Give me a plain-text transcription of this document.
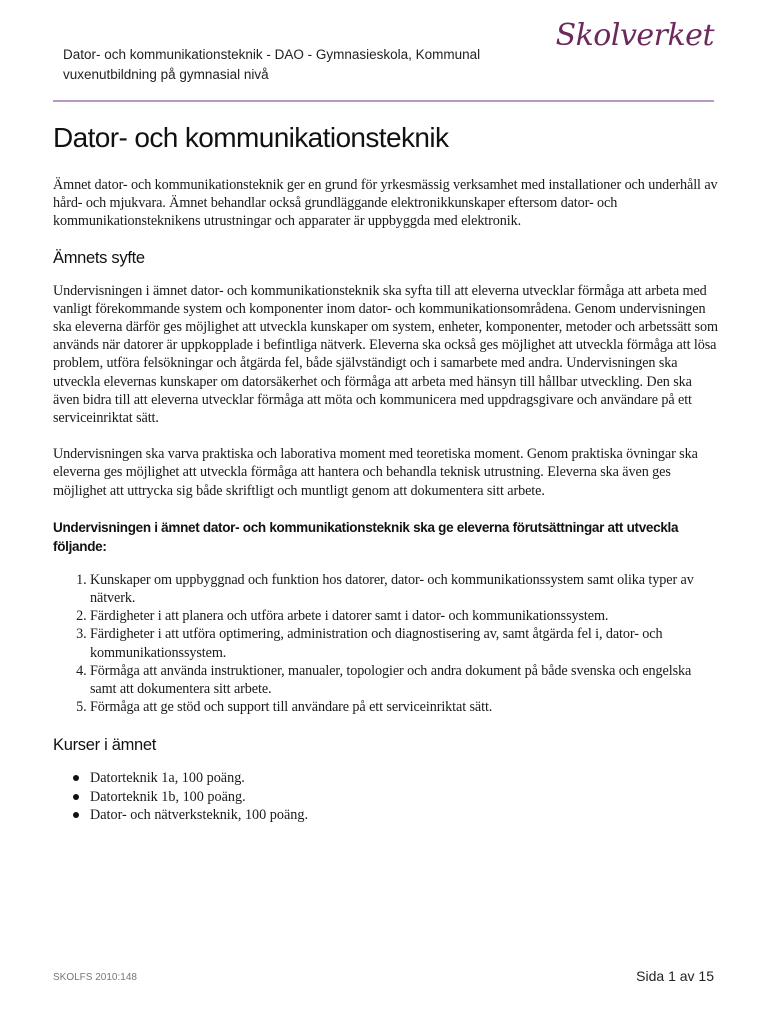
Dator- och kommunikationsteknik - DAO - Gymnasieskola, Kommunal vuxenutbildning på gymnasial nivå
Skolverket
Dator- och kommunikationsteknik

Ämnet dator- och kommunikationsteknik ger en grund för yrkesmässig verksamhet med installationer och underhåll av hård- och mjukvara. Ämnet behandlar också grundläggande elektronikkunskaper eftersom dator- och kommunikationsteknikens utrustningar och apparater är uppbyggda med elektronik.

Ämnets syfte

Undervisningen i ämnet dator- och kommunikationsteknik ska syfta till att eleverna utvecklar förmåga att arbeta med vanligt förekommande system och komponenter inom dator- och kommunikationsområdena. Genom undervisningen ska eleverna därför ges möjlighet att utveckla kunskaper om system, enheter, komponenter, metoder och arbetssätt som används när datorer är uppkopplade i befintliga nätverk. Eleverna ska också ges möjlighet att utveckla förmåga att lösa problem, utföra felsökningar och åtgärda fel, både självständigt och i samarbete med andra. Undervisningen ska utveckla elevernas kunskaper om datorsäkerhet och förmåga att arbeta med hänsyn till hållbar utveckling. Den ska även bidra till att eleverna utvecklar förmåga att möta och kommunicera med uppdragsgivare och användare på ett serviceinriktat sätt.

Undervisningen ska varva praktiska och laborativa moment med teoretiska moment. Genom praktiska övningar ska eleverna ges möjlighet att utveckla förmåga att hantera och behandla teknisk utrustning. Eleverna ska även ges möjlighet att uttrycka sig både skriftligt och muntligt genom att dokumentera sitt arbete.

Undervisningen i ämnet dator- och kommunikationsteknik ska ge eleverna förutsättningar att utveckla följande:
1. Kunskaper om uppbyggnad och funktion hos datorer, dator- och kommunikationssystem samt olika typer av nätverk.
2. Färdigheter i att planera och utföra arbete i datorer samt i dator- och kommunikationssystem.
3. Färdigheter i att utföra optimering, administration och diagnostisering av, samt åtgärda fel i, dator- och kommunikationssystem.
4. Förmåga att använda instruktioner, manualer, topologier och andra dokument på både svenska och engelska samt att dokumentera sitt arbete.
5. Förmåga att ge stöd och support till användare på ett serviceinriktat sätt.
Kurser i ämnet
Datorteknik 1a, 100 poäng.
Datorteknik 1b, 100 poäng.
Dator- och nätverksteknik, 100 poäng.
SKOLFS 2010:148	Sida 1 av 15
